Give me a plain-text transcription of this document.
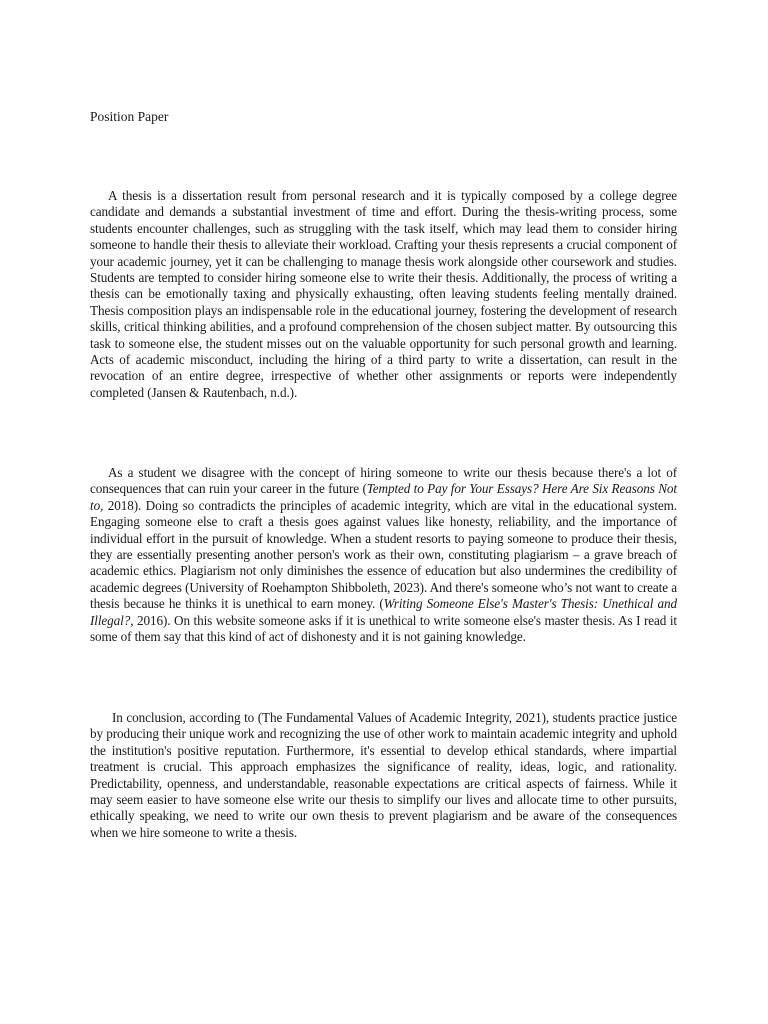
Position Paper

A thesis is a dissertation result from personal research and it is typically composed by a college degree candidate and demands a substantial investment of time and effort. During the thesis-writing process, some students encounter challenges, such as struggling with the task itself, which may lead them to consider hiring someone to handle their thesis to alleviate their workload. Crafting your thesis represents a crucial component of your academic journey, yet it can be challenging to manage thesis work alongside other coursework and studies. Students are tempted to consider hiring someone else to write their thesis. Additionally, the process of writing a thesis can be emotionally taxing and physically exhausting, often leaving students feeling mentally drained. Thesis composition plays an indispensable role in the educational journey, fostering the development of research skills, critical thinking abilities, and a profound comprehension of the chosen subject matter. By outsourcing this task to someone else, the student misses out on the valuable opportunity for such personal growth and learning. Acts of academic misconduct, including the hiring of a third party to write a dissertation, can result in the revocation of an entire degree, irrespective of whether other assignments or reports were independently completed (Jansen & Rautenbach, n.d.).

As a student we disagree with the concept of hiring someone to write our thesis because there's a lot of consequences that can ruin your career in the future (Tempted to Pay for Your Essays? Here Are Six Reasons Not to, 2018). Doing so contradicts the principles of academic integrity, which are vital in the educational system. Engaging someone else to craft a thesis goes against values like honesty, reliability, and the importance of individual effort in the pursuit of knowledge. When a student resorts to paying someone to produce their thesis, they are essentially presenting another person's work as their own, constituting plagiarism – a grave breach of academic ethics. Plagiarism not only diminishes the essence of education but also undermines the credibility of academic degrees (University of Roehampton Shibboleth, 2023). And there's someone who’s not want to create a thesis because he thinks it is unethical to earn money. (Writing Someone Else's Master's Thesis: Unethical and Illegal?, 2016). On this website someone asks if it is unethical to write someone else's master thesis. As I read it some of them say that this kind of act of dishonesty and it is not gaining knowledge.

In conclusion, according to (The Fundamental Values of Academic Integrity, 2021), students practice justice by producing their unique work and recognizing the use of other work to maintain academic integrity and uphold the institution's positive reputation. Furthermore, it's essential to develop ethical standards, where impartial treatment is crucial. This approach emphasizes the significance of reality, ideas, logic, and rationality. Predictability, openness, and understandable, reasonable expectations are critical aspects of fairness. While it may seem easier to have someone else write our thesis to simplify our lives and allocate time to other pursuits, ethically speaking, we need to write our own thesis to prevent plagiarism and be aware of the consequences when we hire someone to write a thesis.
